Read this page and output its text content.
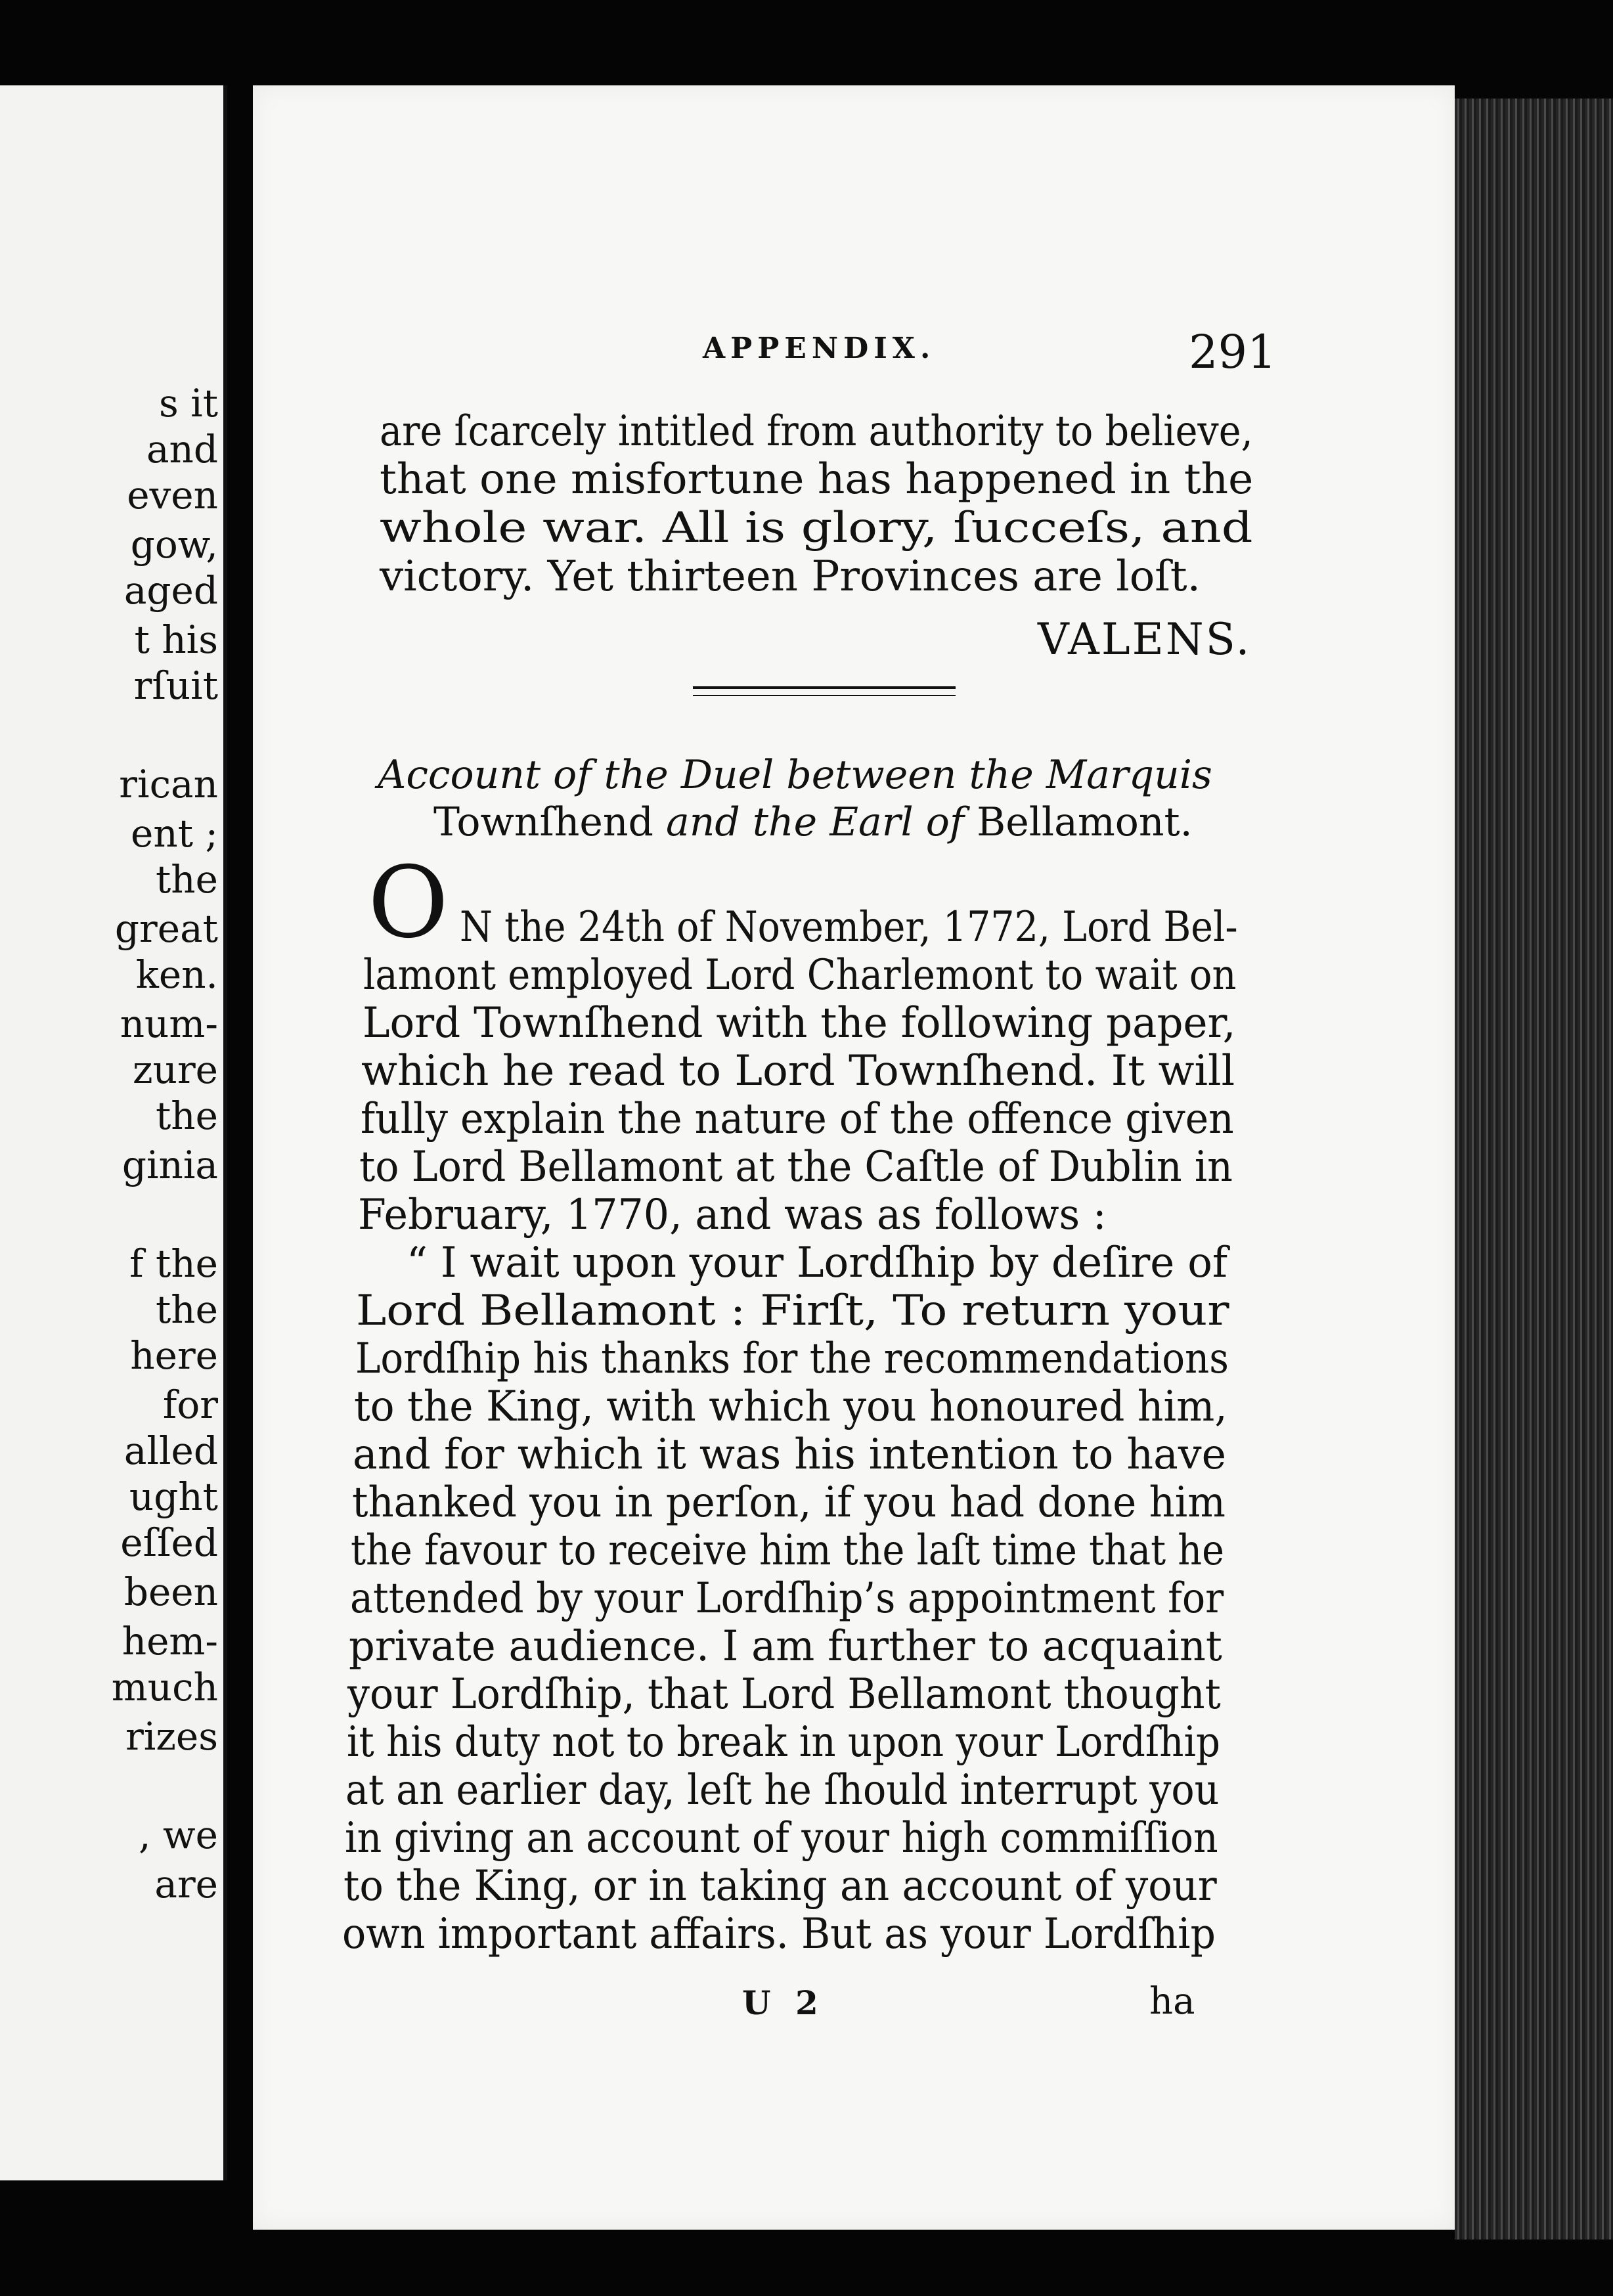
s it
and
even
gow,
aged
t his
rſuit
rican
ent ;
the
great
ken.
num-
zure
the
ginia
f the
the
here
for
alled
ught
eſſed
been
hem-
much
rizes
, we
are
APPENDIX.	291
are ſcarcely intitled from authority to believe,
that one misfortune has happened in the
whole war. All is glory, ſucceſs, and
victory. Yet thirteen Provinces are loſt.
VALENS.
Account of the Duel between the Marquis
Townſhend and the Earl of Bellamont.
O N the 24th of November, 1772, Lord Bel-
lamont employed Lord Charlemont to wait on
Lord Townſhend with the following paper,
which he read to Lord Townſhend. It will
fully explain the nature of the offence given
to Lord Bellamont at the Caſtle of Dublin in
February, 1770, and was as follows :
“ I wait upon your Lordſhip by deſire of
Lord Bellamont : Firſt, To return your
Lordſhip his thanks for the recommendations
to the King, with which you honoured him,
and for which it was his intention to have
thanked you in perſon, if you had done him
the favour to receive him the laſt time that he
attended by your Lordſhip’s appointment for
private audience. I am further to acquaint
your Lordſhip, that Lord Bellamont thought
it his duty not to break in upon your Lordſhip
at an earlier day, leſt he ſhould interrupt you
in giving an account of your high commiſſion
to the King, or in taking an account of your
own important affairs. But as your Lordſhip
U 2	ha
